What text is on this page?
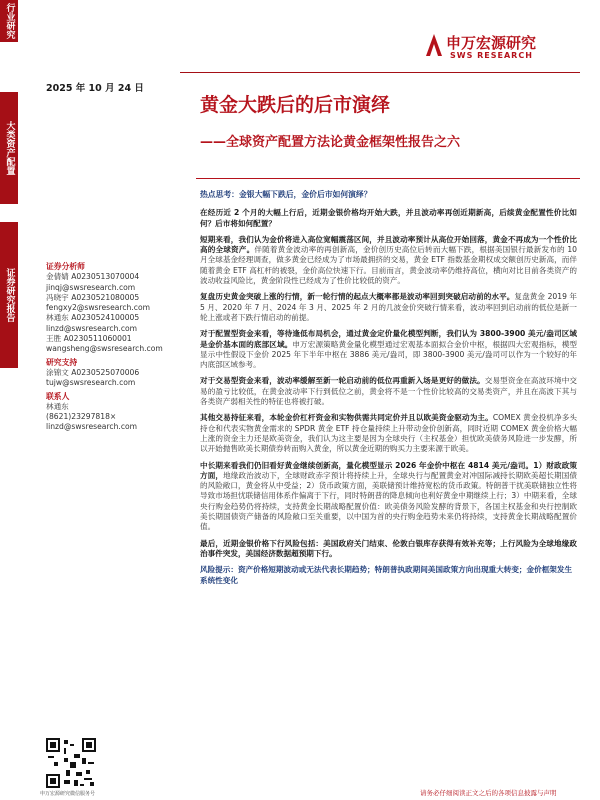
行业研究
大类资产配置
证券研究报告
申万宏源研究
SWS RESEARCH
2025 年 10 月 24 日
黄金大跌后的后市演绎
——全球资产配置方法论黄金框架性报告之六
证券分析师
金倩婧 A0230513070004
jinqj@swsresearch.com
冯晓宇 A0230521080005
fengxy2@swsresearch.com
林通东 A0230524100005
linzd@swsresearch.com
王胜 A0230511060001
wangsheng@swsresearch.com
研究支持
涂锦文 A0230525070006
tujw@swsresearch.com
联系人
林通东
(8621)23297818×
linzd@swsresearch.com
申万宏源研究微信服务号
热点思考：金银大幅下跌后，金价后市如何演绎？
在经历近 2 个月的大幅上行后，近期金银价格均开始大跌，并且波动率再创近期新高，后续黄金配置性价比如何？后市将如何配置？
短期来看，我们认为金价将进入高位宽幅震荡区间，并且波动率预计从高位开始回落，黄金不再成为一个性价比高的全球资产。伴随着黄金波动率的再创新高，金价创历史高位后转而大幅下跌，根据美国银行最新发布的 10 月全球基金经理调查，做多黄金已经成为了市场最拥挤的交易，黄金 ETF 指数基金期权成交额创历史新高，而伴随着黄金 ETF 高杠杆的被裂，金价高位快速下行。目前而言，黄金波动率仍维持高位，横向对比目前各类资产的波动收益风险比，黄金阶段性已经成为了性价比较低的资产。
复盘历史黄金突破上涨的行情，新一轮行情的起点大概率都是波动率回到突破启动前的水平。复盘黄金 2019 年 5 月、2020 年 7 月、2024 年 3 月、2025 年 2 月的几波金价突破行情来看，波动率回到启动前的低位是新一轮上涨或者下跌行情启动的前提。
对于配置型资金来看，等待逢低布局机会，通过黄金定价量化模型判断，我们认为 3800-3900 美元/盎司区域是金价基本面的底部区域。申万宏源策略黄金量化模型通过宏观基本面拟合金价中枢，根据四大宏观指标，模型显示中性假设下金价 2025 年下半年中枢在 3886 美元/盎司，即 3800-3900 美元/盎司可以作为一个较好的年内底部区域参考。
对于交易型资金来看，波动率缓解至新一轮启动前的低位再重新入场是更好的做法。交易型资金在高波环境中交易的盈亏比较低，在黄金波动率下行到低位之前，黄金将不是一个性价比较高的交易类资产，并且在高波下其与各类资产弱相关性的特征也将被打破。
其他交易持征来看，本轮金价杠杆资金和实物供需共同定价并且以欧美资金驱动为主。COMEX 黄金投机净多头持仓和代表实物黄金需求的 SPDR 黄金 ETF 持仓量持续上升带动金价创新高，同时近期 COMEX 黄金价格大幅上涨的资金主力还是欧美资金，我们认为这主要是因为全球央行（主权基金）担忧欧美债务风险进一步发酵，所以开始抛售欧美长期债券转而购入黄金，所以黄金近期的购买力主要来源于欧美。
中长期来看我们仍旧看好黄金继续创新高，量化模型显示 2026 年金价中枢在 4814 美元/盎司。1）财政政策方面，地缘政治波动下，全球财政赤字预计将持续上升，全球央行与配置黄金对冲国际减持长期欧美超长期国债的风险敞口，黄金将从中受益；2）货币政策方面，美联储预计维持宽松的货币政策。特朗普干扰美联储独立性将导致市场担忧联储信用体系作偏离于下行，同时特朗普的降息倾向也利好黄金中期继续上行；3）中期来看，全球央行购金趋势仍将持续，支持黄金长期战略配置价值：欧美债务风险发酵的背景下，各国主权基金和央行控制欧美长期国债资产储备的风险敞口至关重要，以中国为首的央行购金趋势未来仍将持续，支持黄金长期战略配置价值。
最后，近期金银价格下行风险包括：美国政府关门结束、伦敦白银库存获得有效补充等；上行风险为全球地缘政治事件突发，美国经济数据超预期下行。
风险提示：资产价格短期波动或无法代表长期趋势；特朗普执政期间美国政策方向出现重大转变；金价框架发生系统性变化
请务必仔细阅读正文之后的各项信息披露与声明
